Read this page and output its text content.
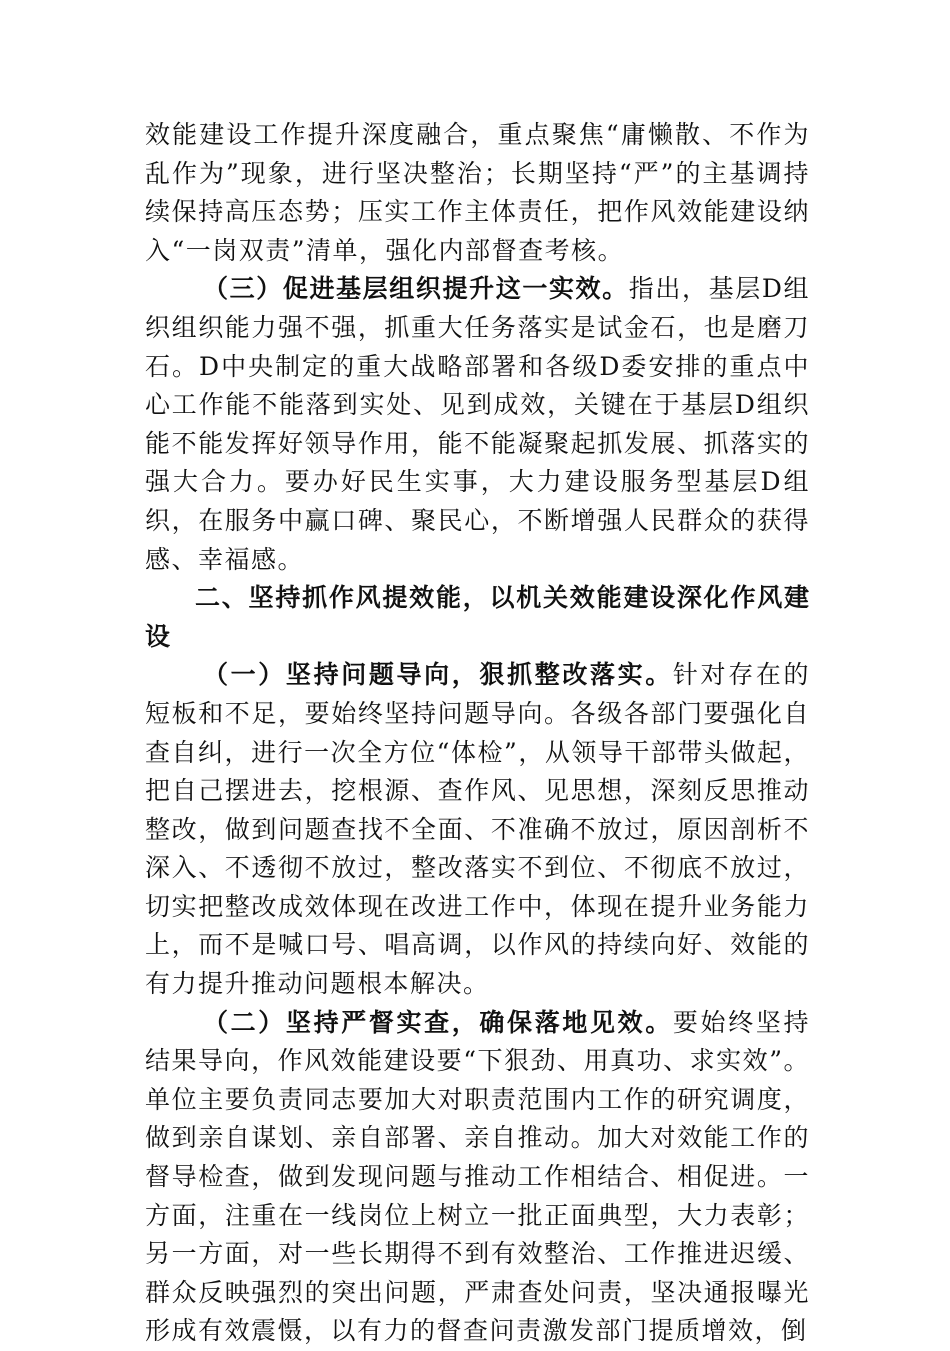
效能建设工作提升深度融合，重点聚焦“庸懒散、不作为乱作为”现象，进行坚决整治；长期坚持“严”的主基调持续保持高压态势；压实工作主体责任，把作风效能建设纳入“一岗双责”清单，强化内部督查考核。

（三）促进基层组织提升这一实效。指出，基层D组织组织能力强不强，抓重大任务落实是试金石，也是磨刀石。D中央制定的重大战略部署和各级D委安排的重点中心工作能不能落到实处、见到成效，关键在于基层D组织能不能发挥好领导作用，能不能凝聚起抓发展、抓落实的强大合力。要办好民生实事，大力建设服务型基层D组织，在服务中赢口碑、聚民心，不断增强人民群众的获得感、幸福感。

二、坚持抓作风提效能，以机关效能建设深化作风建设

（一）坚持问题导向，狠抓整改落实。针对存在的短板和不足，要始终坚持问题导向。各级各部门要强化自查自纠，进行一次全方位“体检”，从领导干部带头做起，把自己摆进去，挖根源、查作风、见思想，深刻反思推动整改，做到问题查找不全面、不准确不放过，原因剖析不深入、不透彻不放过，整改落实不到位、不彻底不放过，切实把整改成效体现在改进工作中，体现在提升业务能力上，而不是喊口号、唱高调，以作风的持续向好、效能的有力提升推动问题根本解决。

（二）坚持严督实查，确保落地见效。要始终坚持结果导向，作风效能建设要“下狠劲、用真功、求实效”。单位主要负责同志要加大对职责范围内工作的研究调度，做到亲自谋划、亲自部署、亲自推动。加大对效能工作的督导检查，做到发现问题与推动工作相结合、相促进。一方面，注重在一线岗位上树立一批正面典型，大力表彰；另一方面，对一些长期得不到有效整治、工作推进迟缓、群众反映强烈的突出问题，严肃查处问责，坚决通报曝光形成有效震慑，以有力的督查问责激发部门提质增效，倒
